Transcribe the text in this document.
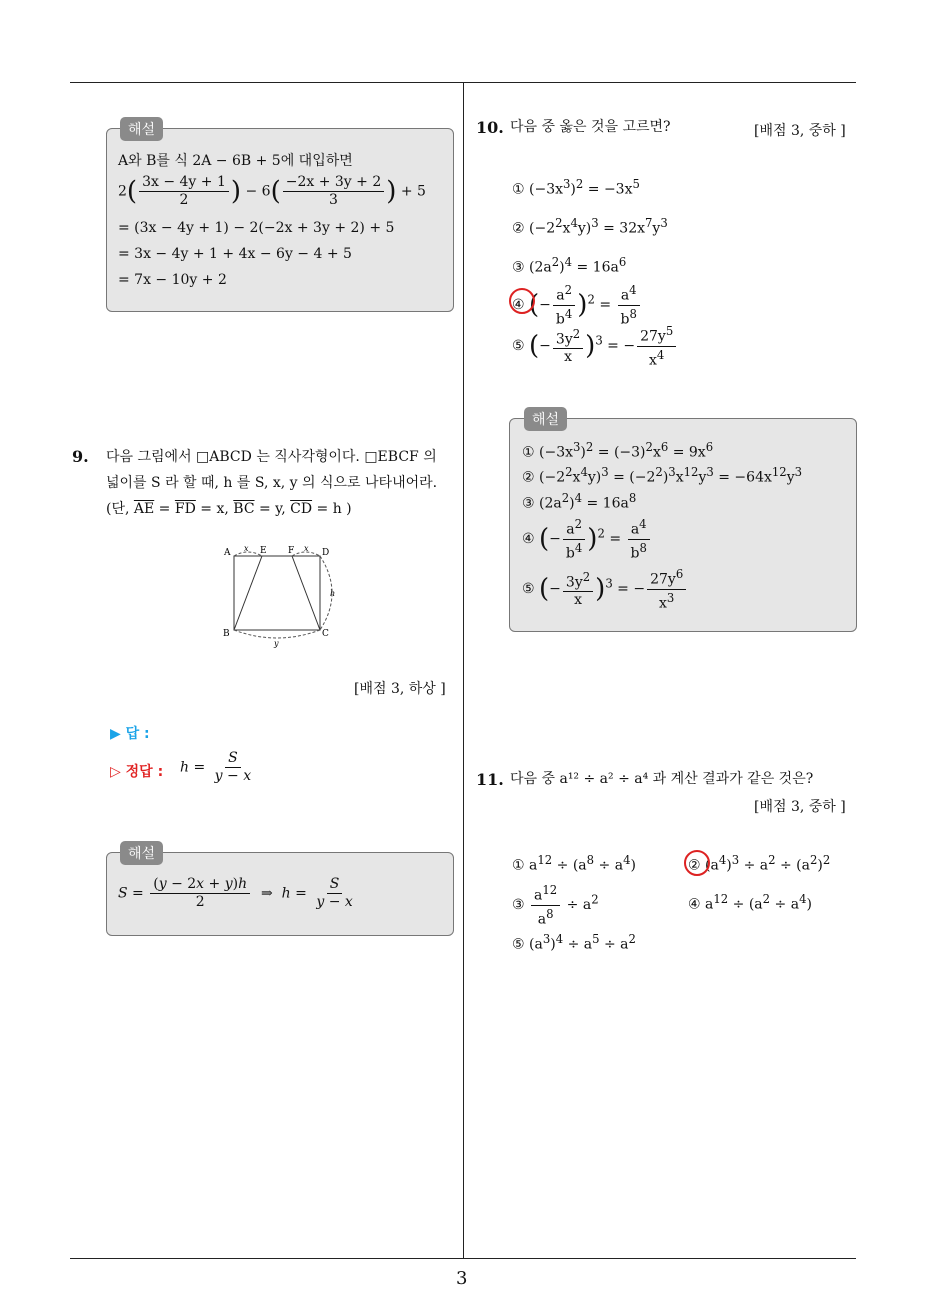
3
해설
A와 B를 식 2A − 6B + 5에 대입하면
$2( \frac{3x - 4y + 1}{2}$ ) − $6( \frac{-2x + 3y + 2}{3}$ ) + 5
= (3x − 4y + 1) − 2(−2x + 3y + 2) + 5
= 3x − 4y + 1 + 4x − 6y − 4 + 5
= 7x − 10y + 2
9. 다음 그림에서 □ABCD 는 직사각형이다. □EBCF 의
넓이를 S 라 할 때, h 를 S, x, y 의 식으로 나타내어라.
(단, $\overline{AE} = \overline{FD} = x$, $\overline{BC} = y$, $\overline{CD} = h$ )
A	E F	D
B	C
x	x
y
h
[배점 3, 하상 ]
▶ 답 :
▷ 정답 : $h = \frac{S}{y - x}$
해설
$S = \frac{(y - 2x + y)h}{2}$ ⇒  $h = \frac{S}{y - x}$
10. 다음 중 옳은 것을 고르면?	[배점 3, 중하 ]
① $(-3x^3)^2 = -3x^5$
② $(-2^2x^4y)^3 = 32x^7y^3$
③ $(2a^2)^4 = 16a^6$
④ (− $\frac{a^2}{b^4} )^2 = \frac{a^4}{b^8}$
⑤ (− $\frac{3y^2}{x} )^3$ = − $\frac{27y^5}{x^4}$
해설
① $(-3x^3)^2 = (-3)^2x^6 = 9x^6$
② $(-2^2x^4y)^3 = (-2^2)^3x^{12}y^3 = -64x^{12}y^3$
③ $(2a^2)^4 = 16a^8$
④ (− $\frac{a^2}{b^4} )^2 = \frac{a^4}{b^8}$
⑤ (− $\frac{3y^2}{x} )^3$ = − $\frac{27y^6}{x^3}$
11. 다음 중 a¹² ÷ a² ÷ a⁴ 과 계산 결과가 같은 것은?
[배점 3, 중하 ]
① $a^{12} \div (a^8 \div a^4)$	② $(a^4)^3 \div a^2 \div (a^2)^2$
③ $\frac{a^{12}}{a^8} \div a^2$	④ $a^{12} \div (a^2 \div a^4)$
⑤ $(a^3)^4 \div a^5 \div a^2$
